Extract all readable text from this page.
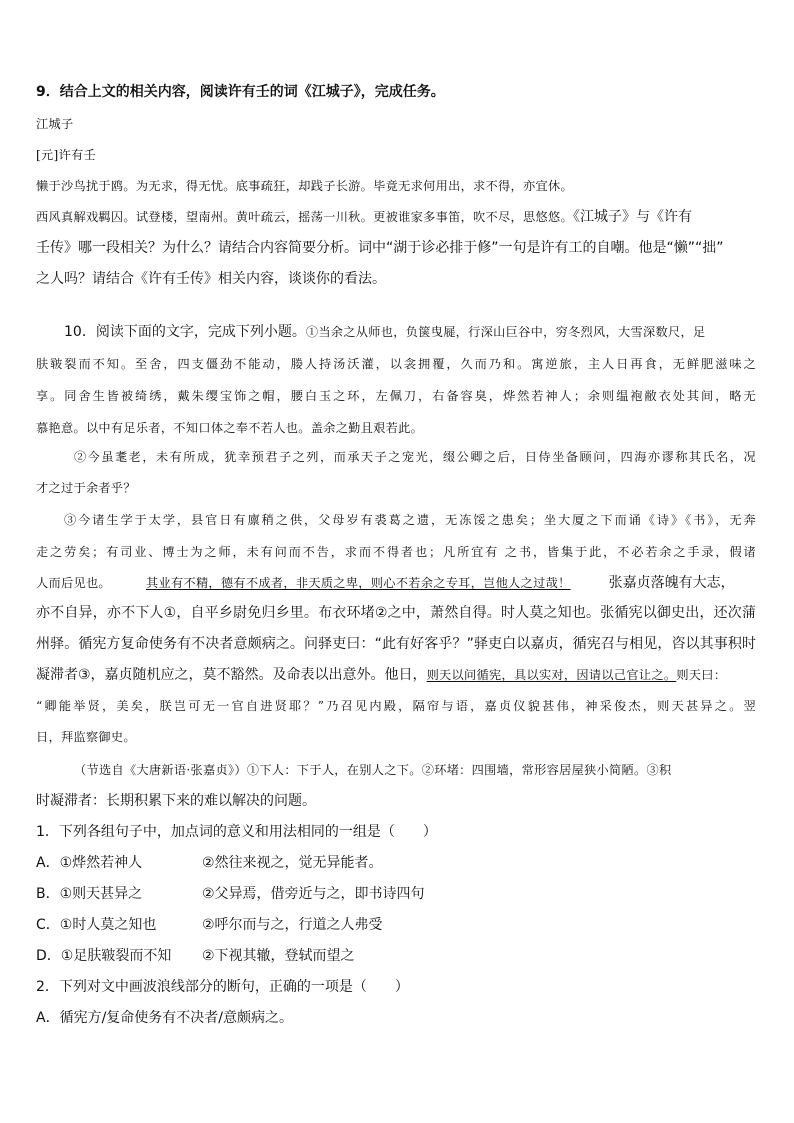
9．结合上文的相关内容，阅读许有壬的词《江城子》，完成任务。
江城子
[元]许有壬
懒于沙鸟扰于鸥。为无求，得无忧。底事疏狂，却践子长游。毕竟无求何用出，求不得，亦宜休。
西风真解戏羁囚。试登楼，望南州。黄叶疏云，摇荡一川秋。更被谁家多事笛，吹不尽，思悠悠。《江城子》与《许有
壬传》哪一段相关？为什么？请结合内容简要分析。词中“湖于诊必排于修”一句是许有工的自嘲。他是“懒”“拙”
之人吗？请结合《许有壬传》相关内容，谈谈你的看法。
10．阅读下面的文字，完成下列小题。①当余之从师也，负箧曳屣，行深山巨谷中，穷冬烈风，大雪深数尺，足
肤皲裂而不知。至舍，四支僵劲不能动，媵人持汤沃灌，以衾拥覆，久而乃和。寓逆旅，主人日再食，无鲜肥滋味之
享。同舍生皆被绮绣，戴朱缨宝饰之帽，腰白玉之环，左佩刀，右备容臭，烨然若神人；余则缊袍敝衣处其间，略无
慕艳意。以中有足乐者，不知口体之奉不若人也。盖余之勤且艰若此。
②今虽耄老，未有所成，犹幸预君子之列，而承天子之宠光，缀公卿之后，日侍坐备顾问，四海亦谬称其氏名，况
才之过于余者乎？
③今诸生学于太学，县官日有廪稍之供，父母岁有裘葛之遗，无冻馁之患矣；坐大厦之下而诵《诗》《书》，无奔
走之劳矣；有司业、博士为之师，未有问而不告，求而不得者也；凡所宜有 之书，皆集于此，不必若余之手录，假诸
人而后见也。	其业有不精，德有不成者，非天质之卑，则心不若余之专耳，岂他人之过哉！	张嘉贞落魄有大志，
亦不自异，亦不下人①，自平乡尉免归乡里。布衣环堵②之中，萧然自得。时人莫之知也。张循宪以御史出，还次蒲
州驿。循宪方复命使务有不决者意颇病之。问驿吏曰：“此有好客乎？”驿吏白以嘉贞，循宪召与相见，咨以其事积时
凝滞者③，嘉贞随机应之，莫不豁然。及命表以出意外。他日，则天以问循宪，具以实对，因请以己官让之。则天曰：
“卿能举贤，美矣，朕岂可无一官自进贤耶？”乃召见内殿，隔帘与语，嘉贞仪貌甚伟，神采俊杰，则天甚异之。翌
日，拜监察御史。
（节选自《大唐新语·张嘉贞》）①下人：下于人，在别人之下。②环堵：四围墙，常形容居屋狭小简陋。③积
时凝滞者：长期积累下来的难以解决的问题。
1．下列各组句子中，加点词的意义和用法相同的一组是（　　）
A．①烨然若神人	②然往来视之，觉无异能者。
B．①则天甚异之	②父异焉，借旁近与之，即书诗四句
C．①时人莫之知也	②呼尔而与之，行道之人弗受
D．①足肤皲裂而不知 ②下视其辙，登轼而望之
2．下列对文中画波浪线部分的断句，正确的一项是（　　）
A．循宪方/复命使务有不决者/意颇病之。
